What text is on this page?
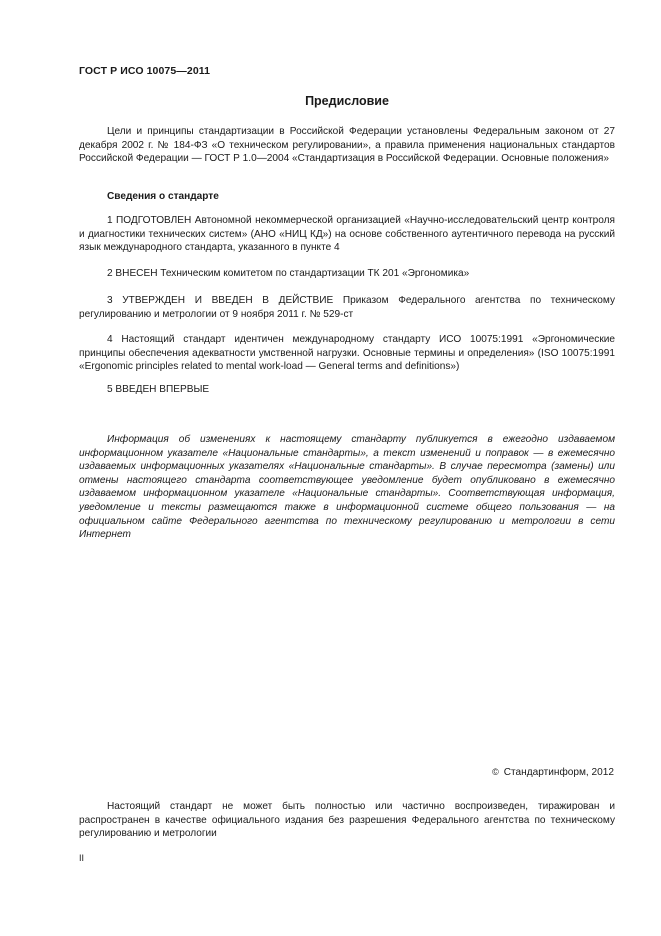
ГОСТ Р ИСО 10075—2011
Предисловие

Цели и принципы стандартизации в Российской Федерации установлены Федеральным законом от 27 декабря 2002 г. № 184-ФЗ «О техническом регулировании», а правила применения национальных стандартов Российской Федерации — ГОСТ Р 1.0—2004 «Стандартизация в Российской Федерации. Основные положения»

Сведения о стандарте

1 ПОДГОТОВЛЕН Автономной некоммерческой организацией «Научно-исследовательский центр контроля и диагностики технических систем» (АНО «НИЦ КД») на основе собственного аутентичного перевода на русский язык международного стандарта, указанного в пункте 4

2 ВНЕСЕН Техническим комитетом по стандартизации ТК 201 «Эргономика»

3 УТВЕРЖДЕН И ВВЕДЕН В ДЕЙСТВИЕ Приказом Федерального агентства по техническому регулированию и метрологии от 9 ноября 2011 г. № 529-ст

4 Настоящий стандарт идентичен международному стандарту ИСО 10075:1991 «Эргономические принципы обеспечения адекватности умственной нагрузки. Основные термины и определения» (ISO 10075:1991 «Ergonomic principles related to mental work-load — General terms and definitions»)

5 ВВЕДЕН ВПЕРВЫЕ

Информация об изменениях к настоящему стандарту публикуется в ежегодно издаваемом информационном указателе «Национальные стандарты», а текст изменений и поправок — в ежемесячно издаваемых информационных указателях «Национальные стандарты». В случае пересмотра (замены) или отмены настоящего стандарта соответствующее уведомление будет опубликовано в ежемесячно издаваемом информационном указателе «Национальные стандарты». Соответствующая информация, уведомление и тексты размещаются также в информационной системе общего пользования — на официальном сайте Федерального агентства по техническому регулированию и метрологии в сети Интернет

© Стандартинформ, 2012

Настоящий стандарт не может быть полностью или частично воспроизведен, тиражирован и распространен в качестве официального издания без разрешения Федерального агентства по техническому регулированию и метрологии

II
